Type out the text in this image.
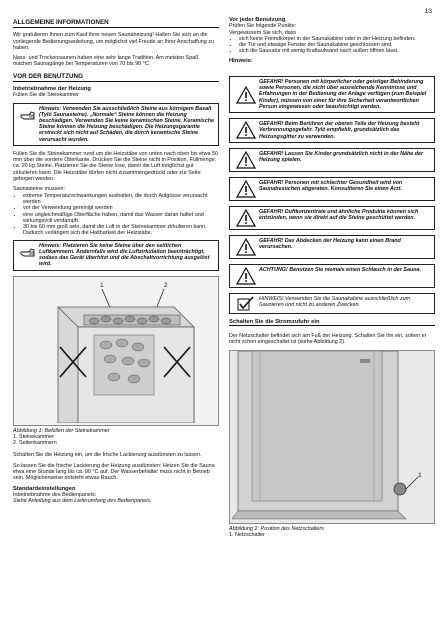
13
ALLGEMEINE INFORMATIONEN

Wir gratulieren Ihnen zum Kauf Ihrer neuen Saunaheizung! Halten Sie sich an die vorliegende Bedienungsanleitung, um möglichst viel Freude an Ihrer Anschaffung zu haben.

Nass- und Trockensaunen haben eine sehr lange Tradition. Am meisten Spaß machen Saunagänge bei Temperaturen von 70 bis 90 °C.

VOR DER BENUTZUNG
Inbetriebnahme der Heizung
Füllen Sie die Steinkammer
Hinweis: Verwenden Sie ausschließlich Steine aus körnigem Basalt (Tylö Saunasteine). „Normale“ Steine können die Heizung beschädigen. Verwenden Sie keine keramischen Steine. Keramische Steine können die Heizung beschädigen. Die Heizungsgarantie erstreckt sich nicht auf Schäden, die durch keramische Steine verursacht wurden.

Füllen Sie die Steinekammer rund um die Heizstäbe von unten nach oben bis etwa 50 mm über die vordere Oberkante. Drücken Sie die Steine nicht in Position. Füllmenge: ca. 20 kg Steine. Platzieren Sie die Steine lose, damit die Luft möglichst gut zirkulieren kann. Die Heizstäbe dürfen nicht zusammengedrückt oder zur Seite gebogen werden.

Saunasteine müssen:
• extreme Temperaturschwankungen aushalten, die durch Aufgüsse verursacht werden
• vor der Verwendung gereinigt werden
• eine ungleichmäßige Oberfläche haben, damit das Wasser daran haftet und wirkungsvoll verdampft.
• 30 bis 60 mm groß sein, damit die Luft in der Steinekammer zirkulieren kann. Dadurch verlängert sich die Haltbarkeit der Heizstäbe.
Hinweis: Platzieren Sie keine Steine über den seitlichen Luftkammern. Andernfalls wird die Luftzirkulation beeinträchtigt, sodass das Gerät überhitzt und die Abschaltvorrichtung ausgelöst wird.
1	2
Abbildung 1: Befüllen der Steinekammer
1. Steinekammer
2. Seitenkammern

Schalten Sie die Heizung ein, um die frische Lackierung ausdünsten zu lassen.

So lassen Sie die frische Lackierung der Heizung ausdünsten: Heizen Sie die Sauna etwa eine Stunde lang bis ca. 90 °C auf. Der Wasserbehälter muss nicht in Betrieb sein. Möglicherweise entsteht etwas Rauch.

Standardeinstellungen
Inbetriebnahme des Bedienpanels:
Siehe Anleitung aus dem Lieferumfang des Bedienpanels.
Vor jeder Benutzung
Prüfen Sie folgende Punkte:
Vergewissern Sie sich, dass
• sich keine Fremdkörper in der Saunakabine oder in der Heizung befinden.
• die Tür und etwaige Fenster der Saunakabine geschlossen sind.
• sich die Saunatür mit wenig Kraftaufwand nach außen öffnen lässt.
Hinweis:
GEFAHR! Personen mit körperlicher oder geistiger Behinderung sowie Personen, die nicht über ausreichende Kenntnisse und Erfahrungen in der Bedienung der Anlage verfügen (zum Beispiel Kinder), müssen von einer für ihre Sicherheit verantwortlichen Person eingewiesen oder beaufsichtigt werden.
GEFAHR! Beim Berühren der oberen Teile der Heizung besteht Verbrennungsgefahr. Tylö empfiehlt, grundsätzlich das Heizungsgitter zu verwenden.
GEFAHR! Lassen Sie Kinder grundsätzlich nicht in der Nähe der Heizung spielen.
GEFAHR! Personen mit schlechter Gesundheit wird von Saunabesuchen abgeraten. Konsultieren Sie einen Arzt.
GEFAHR! Duftkonzentrate und ähnliche Produkte können sich entzünden, wenn sie direkt auf die Steine geschüttet werden.
GEFAHR! Das Abdecken der Heizung kann einen Brand verursachen.
ACHTUNG! Benutzen Sie niemals einen Schlauch in der Sauna.
HINWEIS! Verwenden Sie die Saunakabine ausschließlich zum Saunieren und nicht zu anderen Zwecken.
Schalten Sie die Stromzufuhr ein

Der Netzschalter befindet sich am Fuß der Heizung. Schalten Sie ihn ein, sofern er nicht schon eingeschaltet ist (siehe Abbildung 2).

1
Abbildung 2: Position des Netzschalters
1. Netzschalter
